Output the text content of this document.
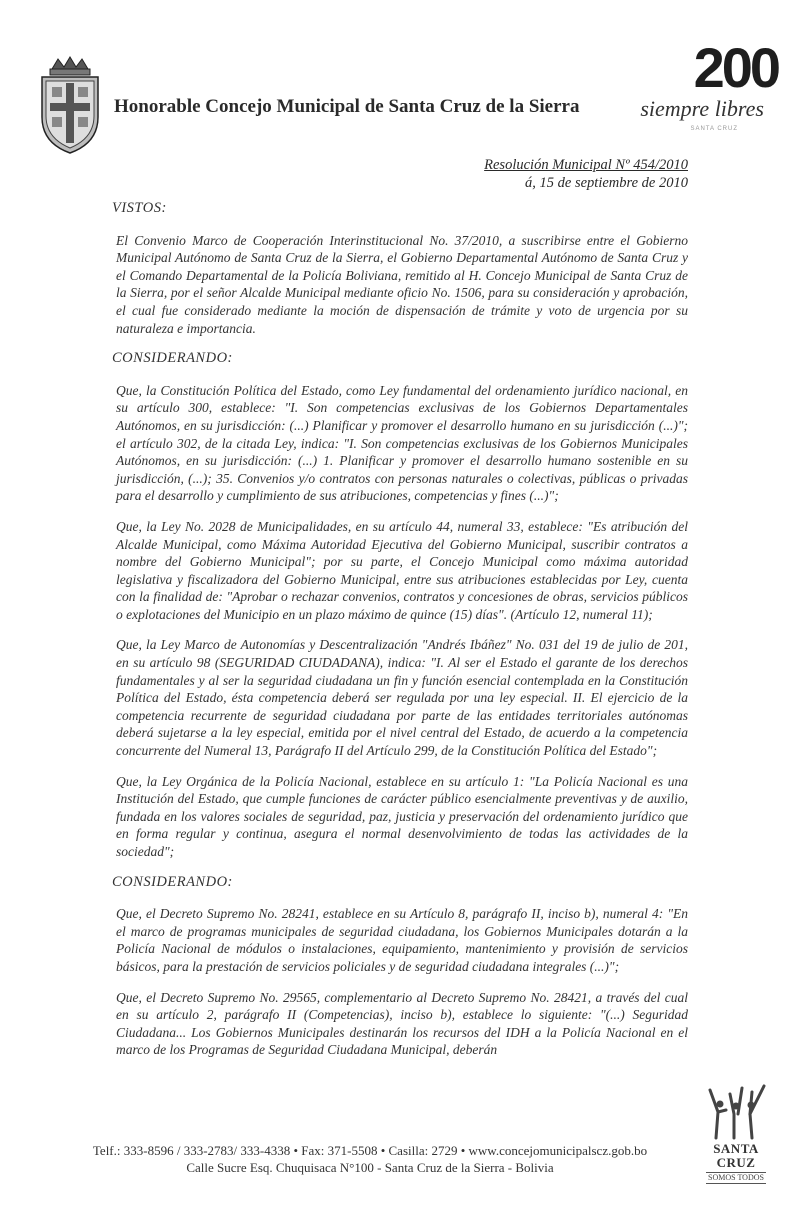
Honorable Concejo Municipal de Santa Cruz de la Sierra
200
siempre libres
SANTA CRUZ
Resolución Municipal Nº 454/2010
á, 15 de septiembre de 2010
VISTOS:

El Convenio Marco de Cooperación Interinstitucional No. 37/2010, a suscribirse entre el Gobierno Municipal Autónomo de Santa Cruz de la Sierra, el Gobierno Departamental Autónomo de Santa Cruz y el Comando Departamental de la Policía Boliviana, remitido al H. Concejo Municipal de Santa Cruz de la Sierra, por el señor Alcalde Municipal mediante oficio No. 1506, para su consideración y aprobación, el cual fue considerado mediante la moción de dispensación de trámite y voto de urgencia por su naturaleza e importancia.

CONSIDERANDO:

Que, la Constitución Política del Estado, como Ley fundamental del ordenamiento jurídico nacional, en su artículo 300, establece: "I. Son competencias exclusivas de los Gobiernos Departamentales Autónomos, en su jurisdicción: (...) Planificar y promover el desarrollo humano en su jurisdicción (...)"; el artículo 302, de la citada Ley, indica: "I. Son competencias exclusivas de los Gobiernos Municipales Autónomos, en su jurisdicción: (...) 1. Planificar y promover el desarrollo humano sostenible en su jurisdicción, (...); 35. Convenios y/o contratos con personas naturales o colectivas, públicas o privadas para el desarrollo y cumplimiento de sus atribuciones, competencias y fines (...)";

Que, la Ley No. 2028 de Municipalidades, en su artículo 44, numeral 33, establece: "Es atribución del Alcalde Municipal, como Máxima Autoridad Ejecutiva del Gobierno Municipal, suscribir contratos a nombre del Gobierno Municipal"; por su parte, el Concejo Municipal como máxima autoridad legislativa y fiscalizadora del Gobierno Municipal, entre sus atribuciones establecidas por Ley, cuenta con la finalidad de: "Aprobar o rechazar convenios, contratos y concesiones de obras, servicios públicos o explotaciones del Municipio en un plazo máximo de quince (15) días". (Artículo 12, numeral 11);

Que, la Ley Marco de Autonomías y Descentralización "Andrés Ibáñez" No. 031 del 19 de julio de 201, en su artículo 98 (SEGURIDAD CIUDADANA), indica: "I. Al ser el Estado el garante de los derechos fundamentales y al ser la seguridad ciudadana un fin y función esencial contemplada en la Constitución Política del Estado, ésta competencia deberá ser regulada por una ley especial. II. El ejercicio de la competencia recurrente de seguridad ciudadana por parte de las entidades territoriales autónomas deberá sujetarse a la ley especial, emitida por el nivel central del Estado, de acuerdo a la competencia concurrente del Numeral 13, Parágrafo II del Artículo 299, de la Constitución Política del Estado";

Que, la Ley Orgánica de la Policía Nacional, establece en su artículo 1: "La Policía Nacional es una Institución del Estado, que cumple funciones de carácter público esencialmente preventivas y de auxilio, fundada en los valores sociales de seguridad, paz, justicia y preservación del ordenamiento jurídico que en forma regular y continua, asegura el normal desenvolvimiento de todas las actividades de la sociedad";

CONSIDERANDO:

Que, el Decreto Supremo No. 28241, establece en su Artículo 8, parágrafo II, inciso b), numeral 4: "En el marco de programas municipales de seguridad ciudadana, los Gobiernos Municipales dotarán a la Policía Nacional de módulos o instalaciones, equipamiento, mantenimiento y provisión de servicios básicos, para la prestación de servicios policiales y de seguridad ciudadana integrales (...)";

Que, el Decreto Supremo No. 29565, complementario al Decreto Supremo No. 28421, a través del cual en su artículo 2, parágrafo II (Competencias), inciso b), establece lo siguiente: "(...) Seguridad Ciudadana... Los Gobiernos Municipales destinarán los recursos del IDH a la Policía Nacional en el marco de los Programas de Seguridad Ciudadana Municipal, deberán

SANTA CRUZ
SOMOS TODOS
Telf.: 333-8596 / 333-2783/ 333-4338 • Fax: 371-5508 • Casilla: 2729 • www.concejomunicipalscz.gob.bo
Calle Sucre Esq. Chuquisaca N°100 - Santa Cruz de la Sierra - Bolivia
